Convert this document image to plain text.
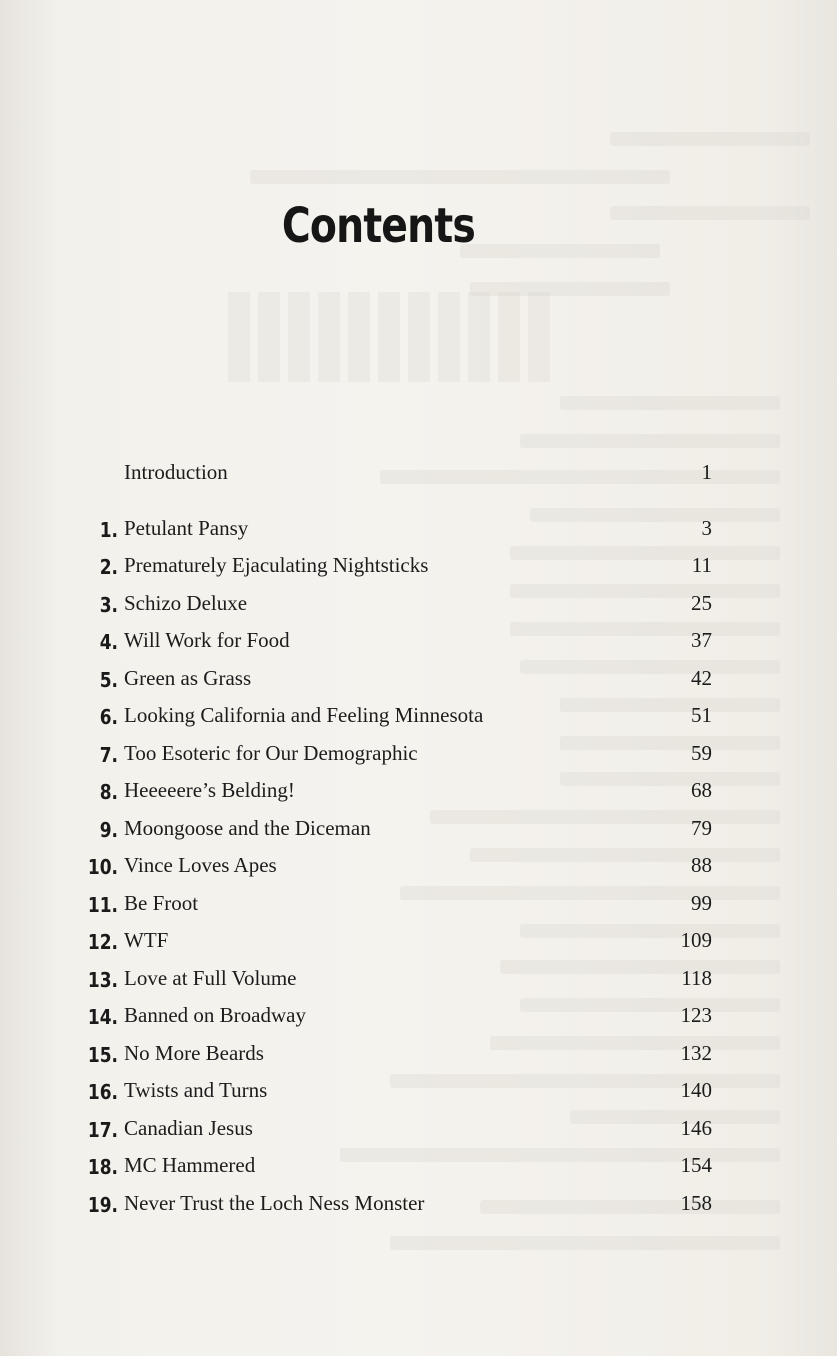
Contents
Introduction	1
1. Petulant Pansy	3
2. Prematurely Ejaculating Nightsticks	11
3. Schizo Deluxe	25
4. Will Work for Food	37
5. Green as Grass	42
6. Looking California and Feeling Minnesota	51
7. Too Esoteric for Our Demographic	59
8. Heeeeere’s Belding!	68
9. Moongoose and the Diceman	79
10. Vince Loves Apes	88
11. Be Froot	99
12. WTF	109
13. Love at Full Volume	118
14. Banned on Broadway	123
15. No More Beards	132
16. Twists and Turns	140
17. Canadian Jesus	146
18. MC Hammered	154
19. Never Trust the Loch Ness Monster	158
